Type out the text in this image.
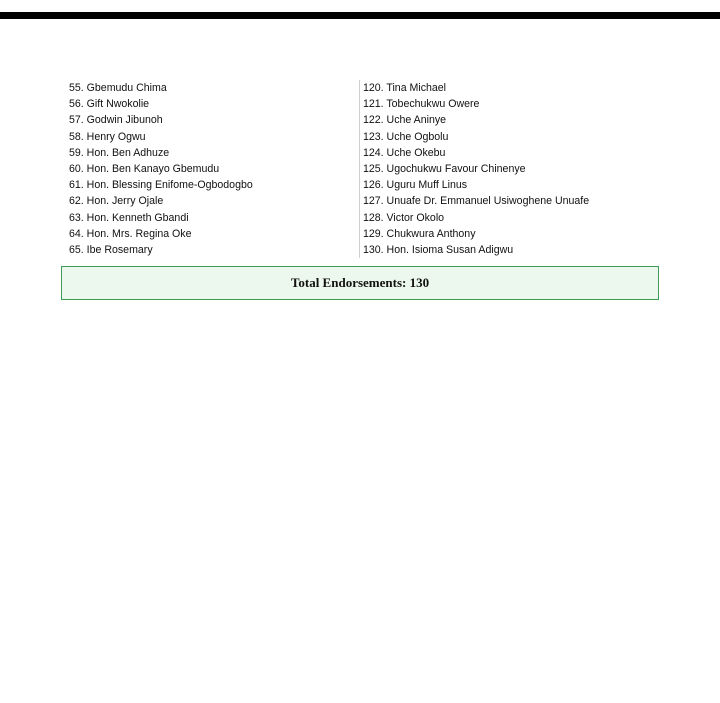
55. Gbemudu Chima
56. Gift Nwokolie
57. Godwin Jibunoh
58. Henry Ogwu
59. Hon. Ben Adhuze
60. Hon. Ben Kanayo Gbemudu
61. Hon. Blessing Enifome-Ogbodogbo
62. Hon. Jerry Ojale
63. Hon. Kenneth Gbandi
64. Hon. Mrs. Regina Oke
65. Ibe Rosemary
120. Tina Michael
121. Tobechukwu Owere
122. Uche Aninye
123. Uche Ogbolu
124. Uche Okebu
125. Ugochukwu Favour Chinenye
126. Uguru Muff Linus
127. Unuafe Dr. Emmanuel Usiwoghene Unuafe
128. Victor Okolo
129. Chukwura Anthony
130. Hon. Isioma Susan Adigwu
Total Endorsements: 130
